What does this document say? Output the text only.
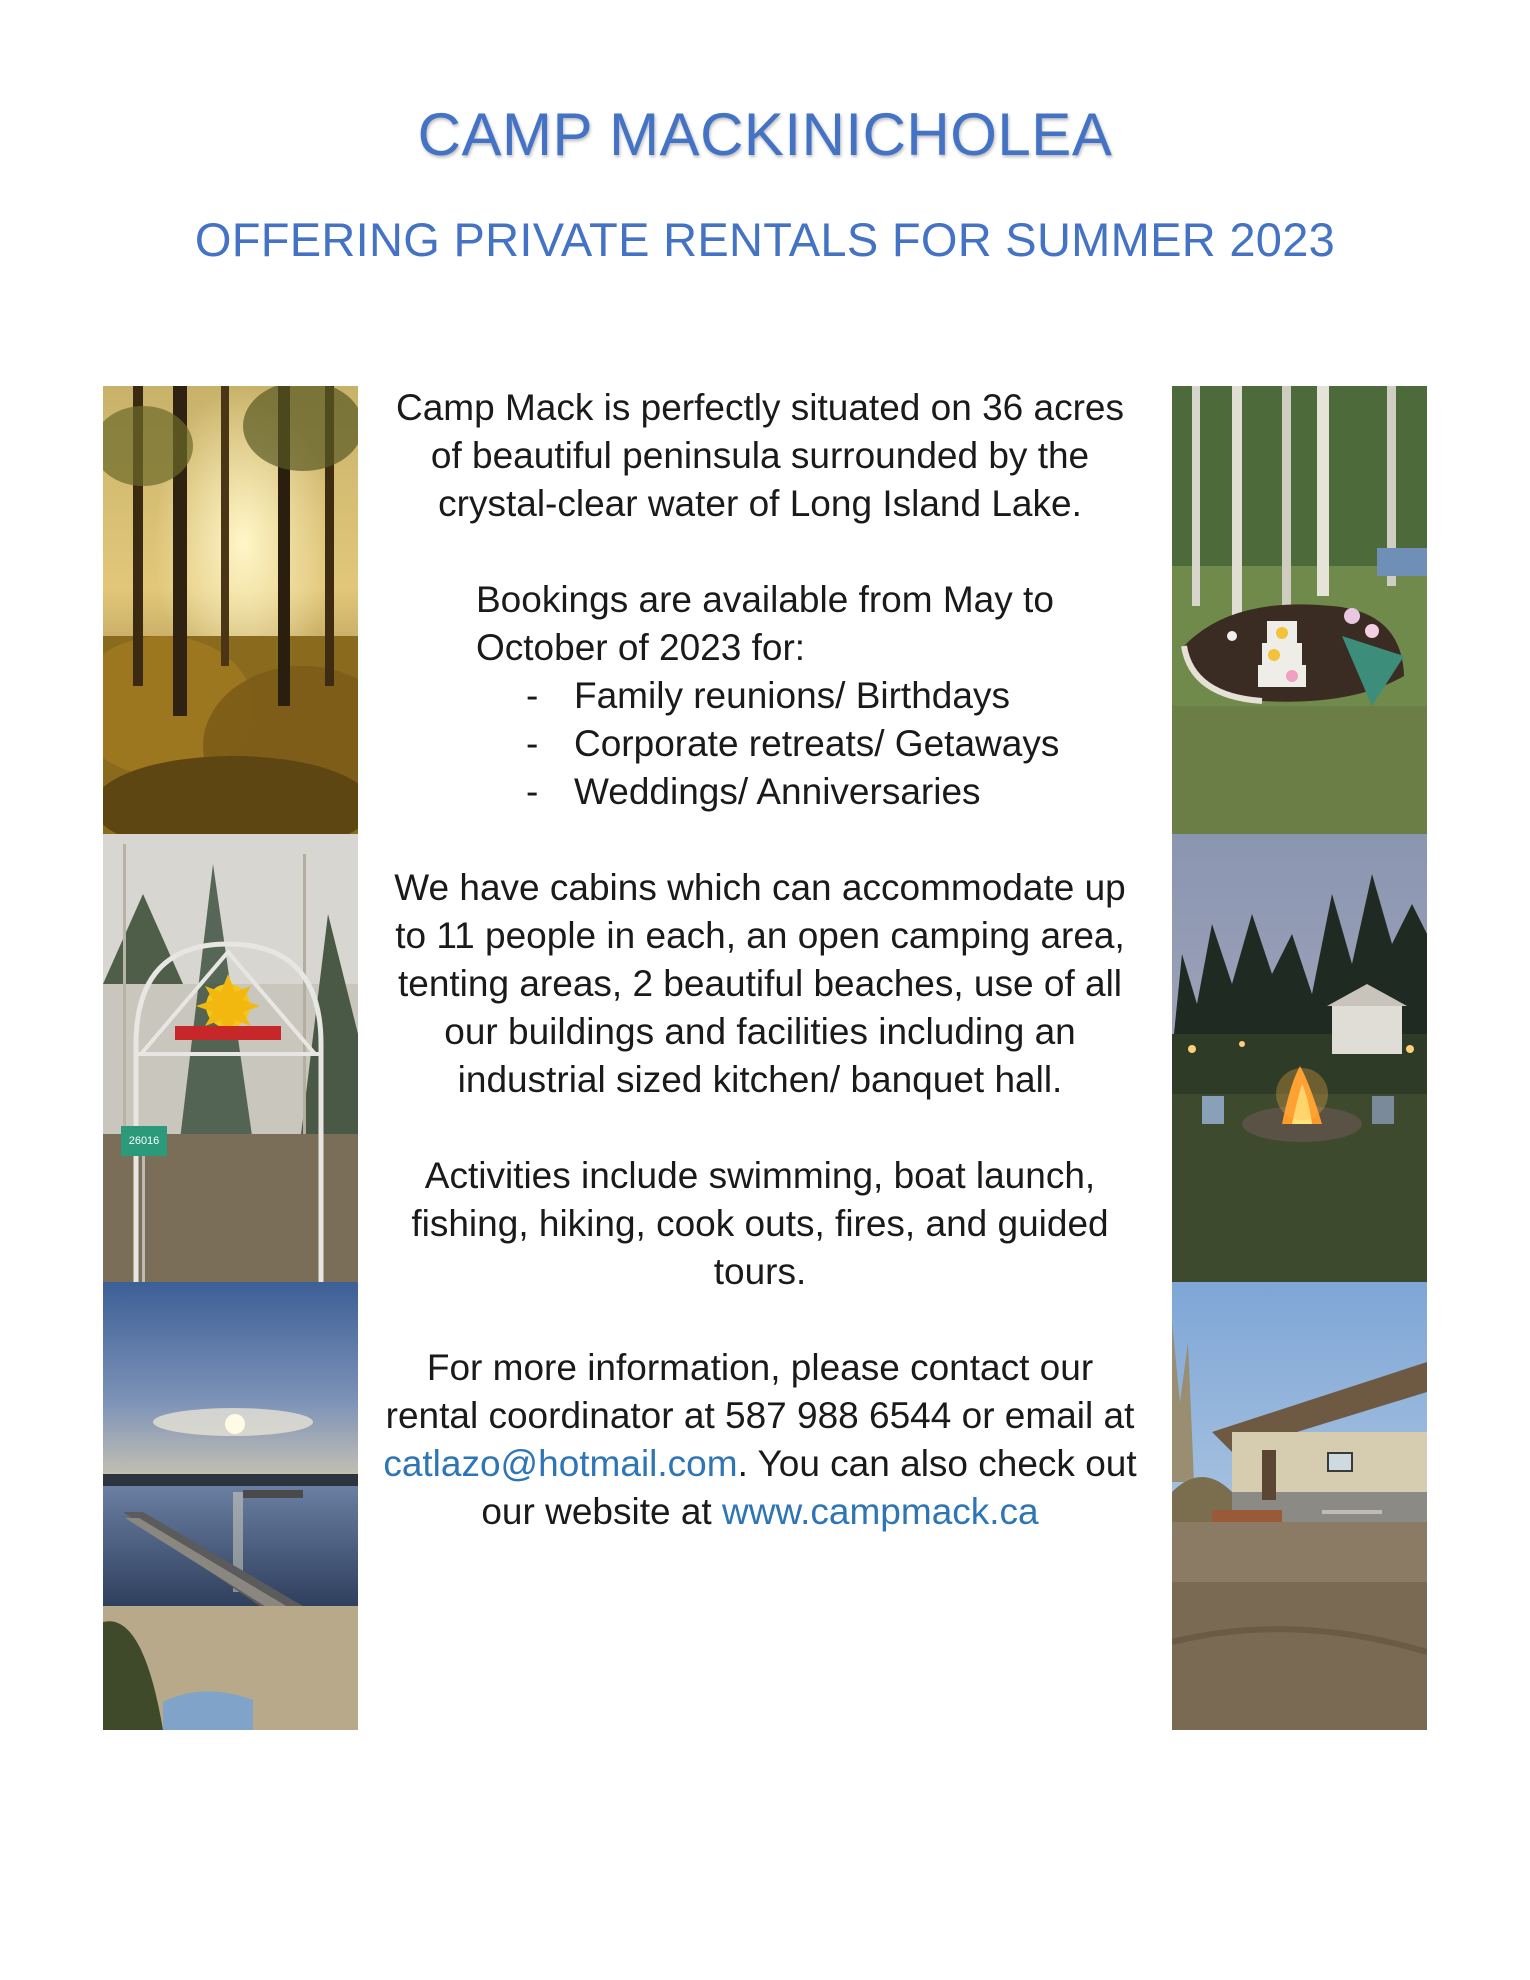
CAMP MACKINICHOLEA
OFFERING PRIVATE RENTALS FOR SUMMER 2023
26016

Camp Mack is perfectly situated on 36 acres of beautiful peninsula surrounded by the crystal-clear water of Long Island Lake.

Bookings are available from May to October of 2023 for:

- Family reunions/ Birthdays
- Corporate retreats/ Getaways
- Weddings/ Anniversaries

We have cabins which can accommodate up to 11 people in each, an open camping area, tenting areas, 2 beautiful beaches, use of all our buildings and facilities including an industrial sized kitchen/ banquet hall.

Activities include swimming, boat launch, fishing, hiking, cook outs, fires, and guided tours.

For more information, please contact our rental coordinator at 587 988 6544 or email at catlazo@hotmail.com. You can also check out our website at www.campmack.ca
